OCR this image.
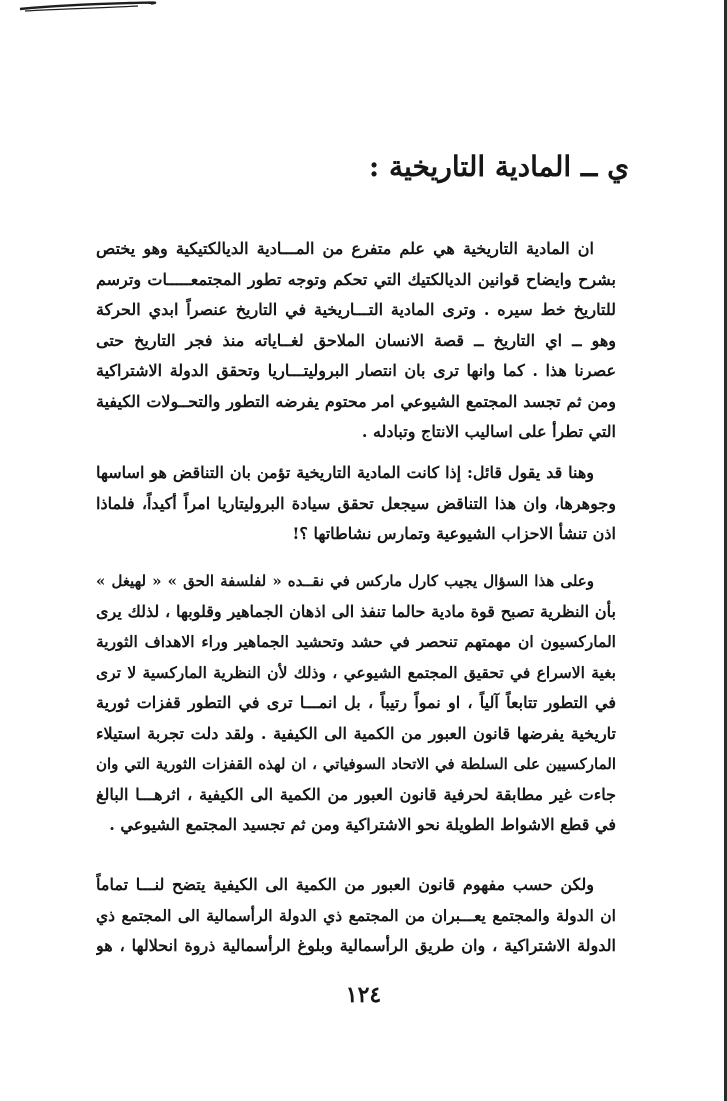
ي ــ المادية التاريخية :
ان المادية التاريخية هي علم متفرع من المـــادية الديالكتيكية وهو يختص
بشرح وايضاح قوانين الديالكتيك التي تحكم وتوجه تطور المجتمعـــــات وترسم
للتاريخ خط سيره . وترى المادية التـــاريخية في التاريخ عنصراً ابدي الحركة
وهو ــ اي التاريخ ــ قصة الانسان الملاحق لغــاياته منذ فجر التاريخ حتى
عصرنا هذا . كما وانها ترى بان انتصار البروليتـــاريا وتحقق الدولة الاشتراكية
ومن ثم تجسد المجتمع الشيوعي امر محتوم يفرضه التطور والتحــولات الكيفية
التي تطرأ على اساليب الانتاج وتبادله .
وهنا قد يقول قائل: إذا كانت المادية التاريخية تؤمن بان التناقض هو اساسها
وجوهرها، وان هذا التناقض سيجعل تحقق سيادة البروليتاريا امراً أكيداً، فلماذا
اذن تنشأ الاحزاب الشيوعية وتمارس نشاطاتها ؟!
وعلى هذا السؤال يجيب كارل ماركس في نقــده « لفلسفة الحق » « لهيغل »
بأن النظرية تصبح قوة مادية حالما تنفذ الى اذهان الجماهير وقلوبها ، لذلك يرى
الماركسيون ان مهمتهم تنحصر في حشد وتحشيد الجماهير وراء الاهداف الثورية
بغية الاسراع في تحقيق المجتمع الشيوعي ، وذلك لأن النظرية الماركسية لا ترى
في التطور تتابعاً آلياً ، او نمواً رتيباً ، بل انمـــا ترى في التطور قفزات ثورية
تاريخية يفرضها قانون العبور من الكمية الى الكيفية . ولقد دلت تجربة استيلاء
الماركسيين على السلطة في الاتحاد السوفياتي ، ان لهذه القفزات الثورية التي وان
جاءت غير مطابقة لحرفية قانون العبور من الكمية الى الكيفية ، اثرهـــا البالغ
في قطع الاشواط الطويلة نحو الاشتراكية ومن ثم تجسيد المجتمع الشيوعي .
ولكن حسب مفهوم قانون العبور من الكمية الى الكيفية يتضح لنـــا تماماً
ان الدولة والمجتمع يعـــبران من المجتمع ذي الدولة الرأسمالية الى المجتمع ذي
الدولة الاشتراكية ، وان طريق الرأسمالية وبلوغ الرأسمالية ذروة انحلالها ، هو
١٢٤
